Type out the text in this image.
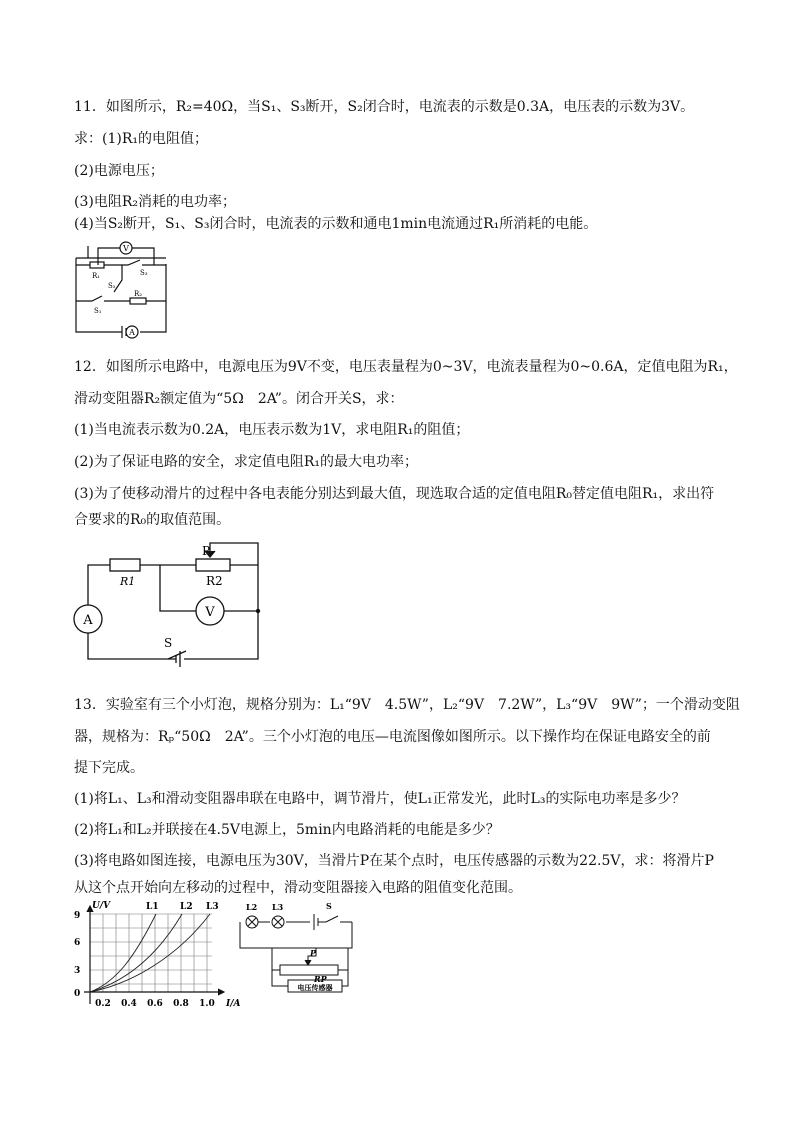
11．如图所示，R₂=40Ω，当S₁、S₃断开，S₂闭合时，电流表的示数是0.3A，电压表的示数为3V。
求：(1)R₁的电阻值；
(2)电源电压；
(3)电阻R₂消耗的电功率；
(4)当S₂断开，S₁、S₃闭合时，电流表的示数和通电1min电流通过R₁所消耗的电能。
V
A
R₁
R₂
S₂
S₃
S₁
12．如图所示电路中，电源电压为9V不变，电压表量程为0~3V，电流表量程为0~0.6A，定值电阻为R₁，
滑动变阻器R₂额定值为“5Ω　2A”。闭合开关S，求：
(1)当电流表示数为0.2A，电压表示数为1V，求电阻R₁的阻值；
(2)为了保证电路的安全，求定值电阻R₁的最大电功率；
(3)为了使移动滑片的过程中各电表能分别达到最大值，现选取合适的定值电阻R₀替定值电阻R₁，求出符
合要求的R₀的取值范围。
P
R1	R2
A
V
S
13．实验室有三个小灯泡，规格分别为：L₁“9V　4.5W”，L₂“9V　7.2W”，L₃“9V　9W”；一个滑动变阻
器，规格为：Rₚ“50Ω　2A”。三个小灯泡的电压—电流图像如图所示。以下操作均在保证电路安全的前
提下完成。
(1)将L₁、L₃和滑动变阻器串联在电路中，调节滑片，使L₁正常发光，此时L₃的实际电功率是多少？
(2)将L₁和L₂并联接在4.5V电源上，5min内电路消耗的电能是多少？
(3)将电路如图连接，电源电压为30V，当滑片P在某个点时，电压传感器的示数为22.5V，求：将滑片P
从这个点开始向左移动的过程中，滑动变阻器接入电路的阻值变化范围。
U/V
I/A
L1 L2 L3
9
6
3
0
0.2 0.4 0.6 0.8 1.0
L2 L3	S
P
RP
电压传感器
